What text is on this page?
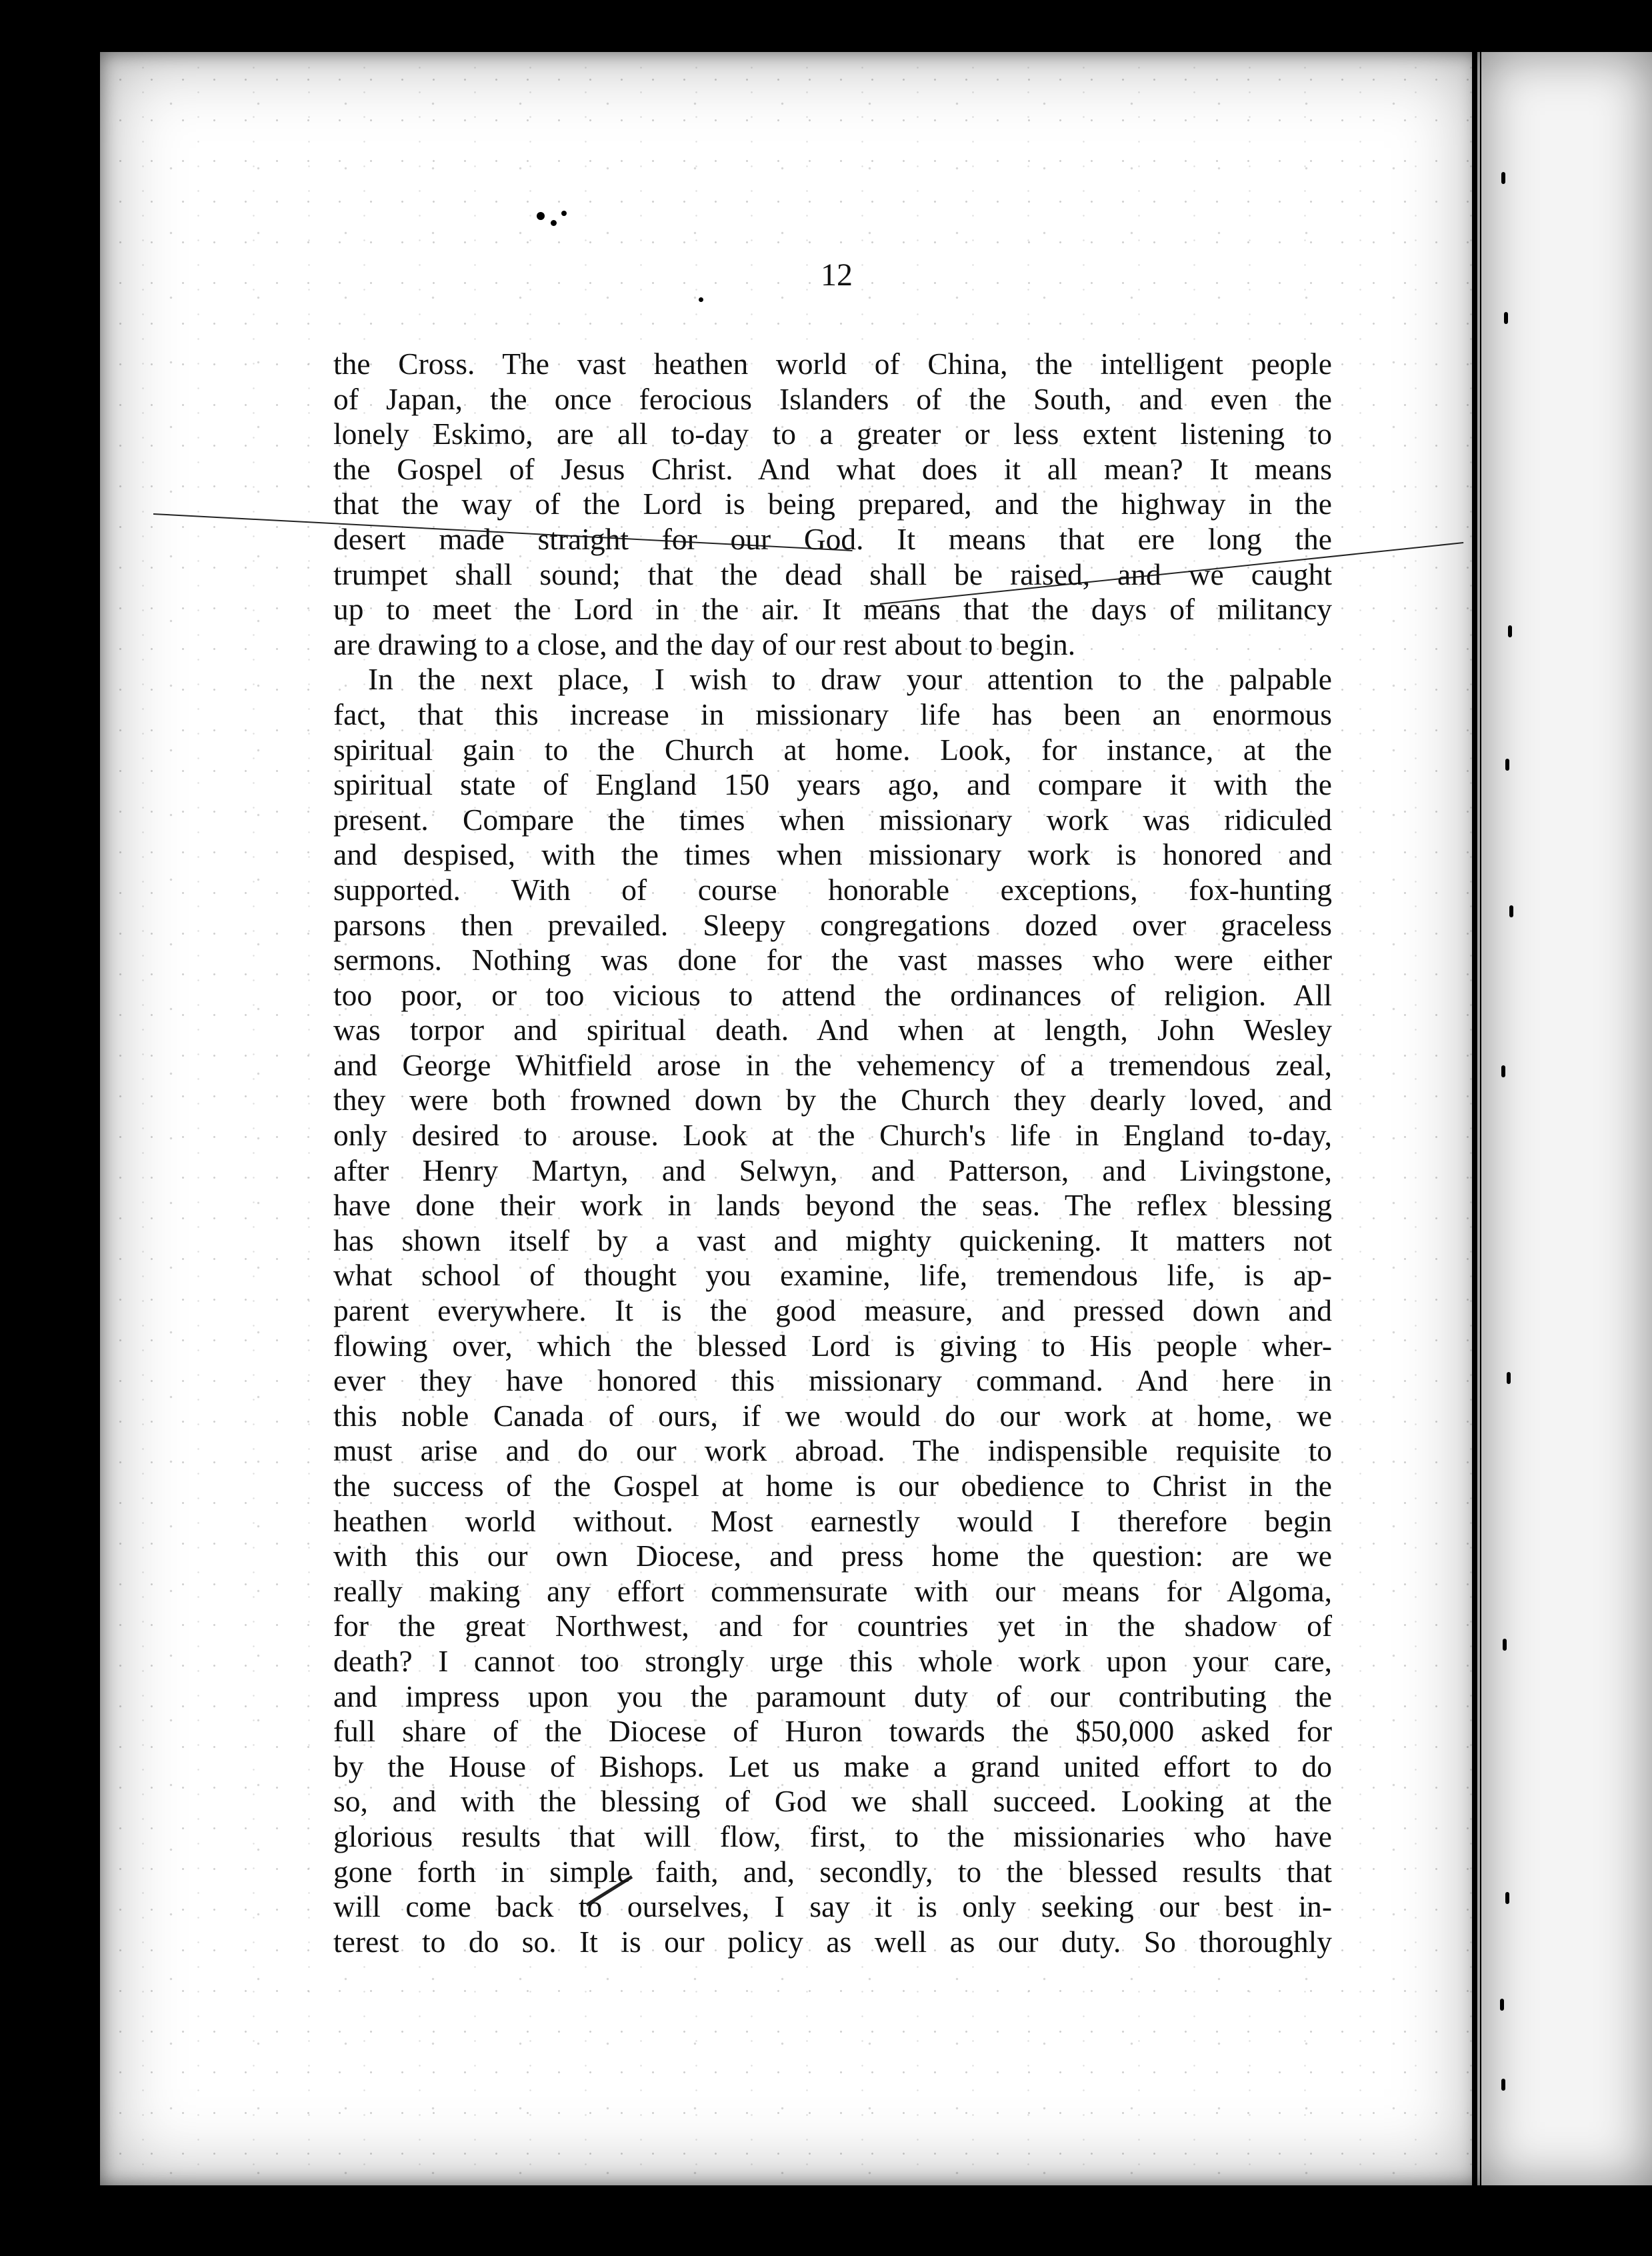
12
the Cross. The vast heathen world of China, the intelligent people
of Japan, the once ferocious Islanders of the South, and even the
lonely Eskimo, are all to-day to a greater or less extent listening to
the Gospel of Jesus Christ. And what does it all mean? It means
that the way of the Lord is being prepared, and the highway in the
desert made straight for our God. It means that ere long the
trumpet shall sound; that the dead shall be raised, and we caught
up to meet the Lord in the air. It means that the days of militancy
are drawing to a close, and the day of our rest about to begin.
In the next place, I wish to draw your attention to the palpable
fact, that this increase in missionary life has been an enormous
spiritual gain to the Church at home. Look, for instance, at the
spiritual state of England 150 years ago, and compare it with the
present. Compare the times when missionary work was ridiculed
and despised, with the times when missionary work is honored and
supported. With of course honorable exceptions, fox-hunting
parsons then prevailed. Sleepy congregations dozed over graceless
sermons. Nothing was done for the vast masses who were either
too poor, or too vicious to attend the ordinances of religion. All
was torpor and spiritual death. And when at length, John Wesley
and George Whitfield arose in the vehemency of a tremendous zeal,
they were both frowned down by the Church they dearly loved, and
only desired to arouse. Look at the Church's life in England to-day,
after Henry Martyn, and Selwyn, and Patterson, and Livingstone,
have done their work in lands beyond the seas. The reflex blessing
has shown itself by a vast and mighty quickening. It matters not
what school of thought you examine, life, tremendous life, is ap-
parent everywhere. It is the good measure, and pressed down and
flowing over, which the blessed Lord is giving to His people wher-
ever they have honored this missionary command. And here in
this noble Canada of ours, if we would do our work at home, we
must arise and do our work abroad. The indispensible requisite to
the success of the Gospel at home is our obedience to Christ in the
heathen world without. Most earnestly would I therefore begin
with this our own Diocese, and press home the question: are we
really making any effort commensurate with our means for Algoma,
for the great Northwest, and for countries yet in the shadow of
death? I cannot too strongly urge this whole work upon your care,
and impress upon you the paramount duty of our contributing the
full share of the Diocese of Huron towards the $50,000 asked for
by the House of Bishops. Let us make a grand united effort to do
so, and with the blessing of God we shall succeed. Looking at the
glorious results that will flow, first, to the missionaries who have
gone forth in simple faith, and, secondly, to the blessed results that
will come back to ourselves, I say it is only seeking our best in-
terest to do so. It is our policy as well as our duty. So thoroughly
